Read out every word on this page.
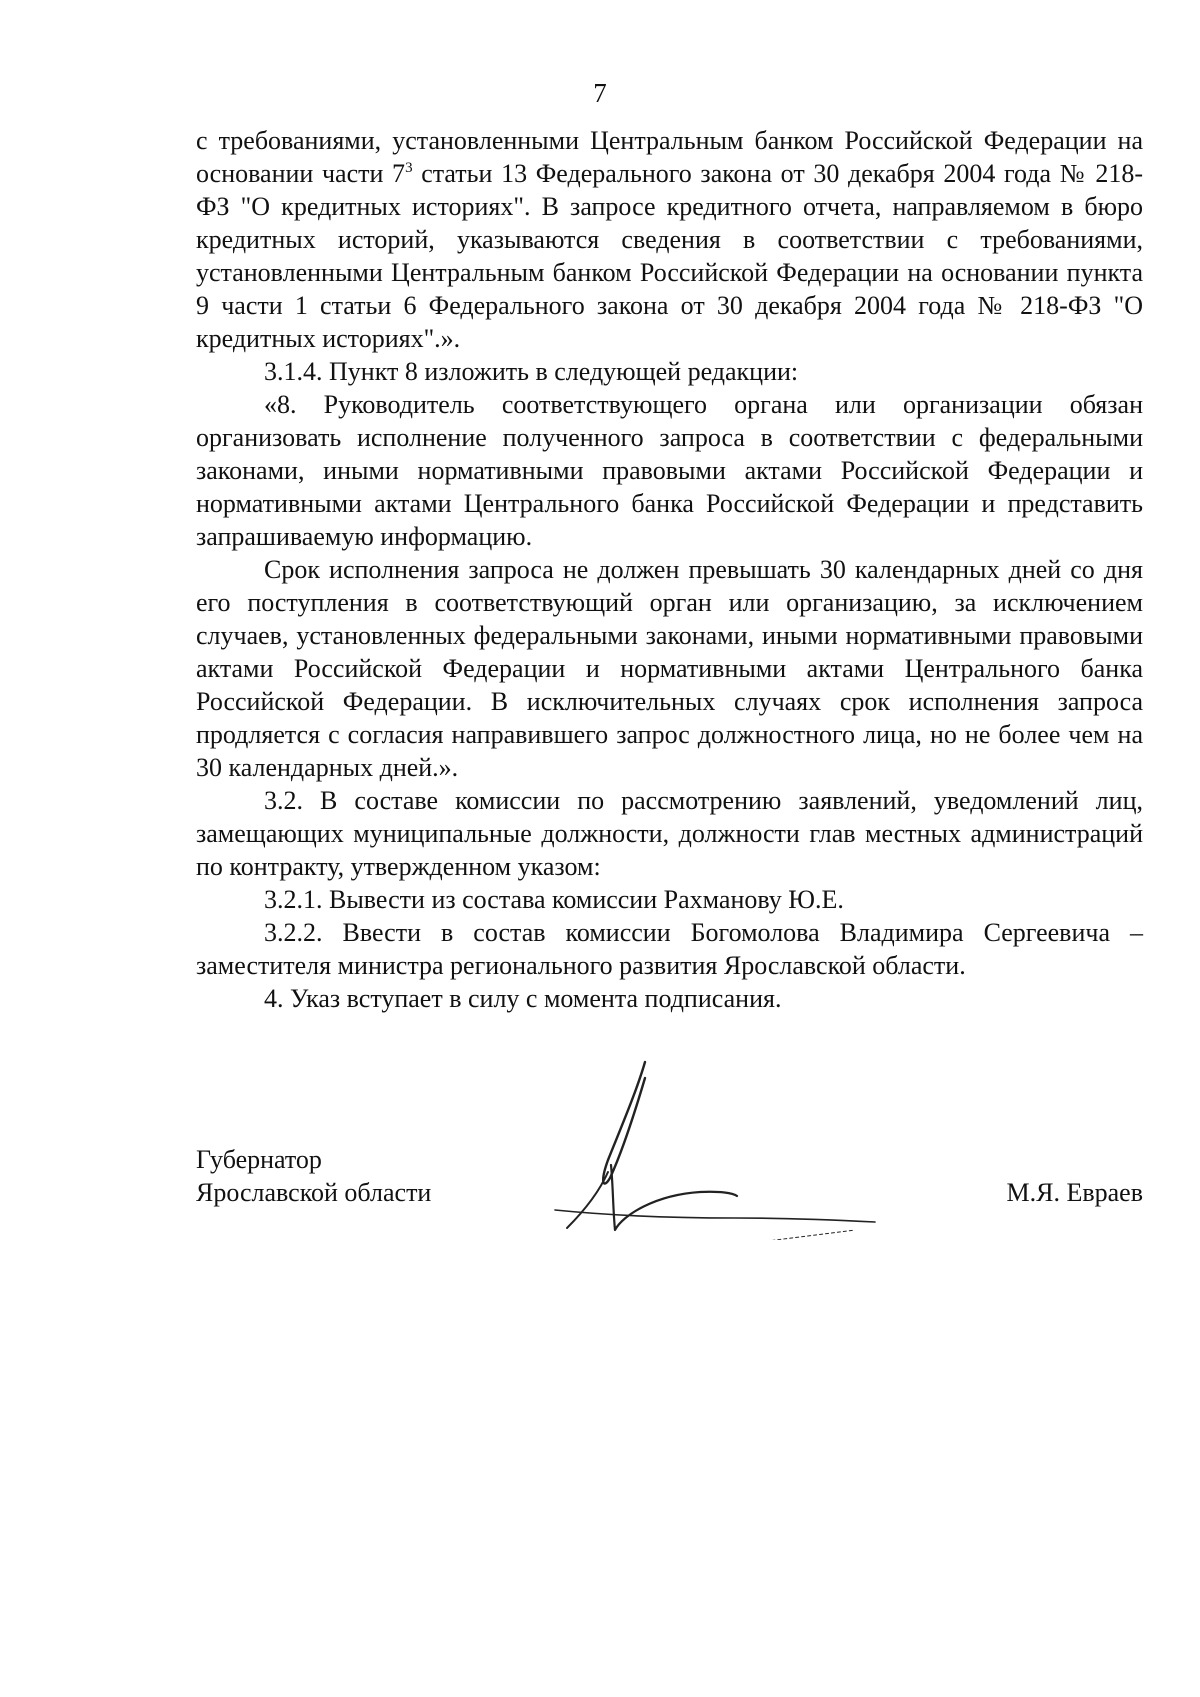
7

с требованиями, установленными Центральным банком Российской Федерации на основании части $7^3$ статьи 13 Федерального закона от 30 декабря 2004 года № 218-ФЗ "О кредитных историях". В запросе кредитного отчета, направляемом в бюро кредитных историй, указываются сведения в соответствии с требованиями, установленными Центральным банком Российской Федерации на основании пункта 9 части 1 статьи 6 Федерального закона от 30 декабря 2004 года № 218-ФЗ "О кредитных историях".».

3.1.4. Пункт 8 изложить в следующей редакции:

«8. Руководитель соответствующего органа или организации обязан организовать исполнение полученного запроса в соответствии с федеральными законами, иными нормативными правовыми актами Российской Федерации и нормативными актами Центрального банка Российской Федерации и представить запрашиваемую информацию.

Срок исполнения запроса не должен превышать 30 календарных дней со дня его поступления в соответствующий орган или организацию, за исключением случаев, установленных федеральными законами, иными нормативными правовыми актами Российской Федерации и нормативными актами Центрального банка Российской Федерации. В исключительных случаях срок исполнения запроса продляется с согласия направившего запрос должностного лица, но не более чем на 30 календарных дней.».

3.2. В составе комиссии по рассмотрению заявлений, уведомлений лиц, замещающих муниципальные должности, должности глав местных администраций по контракту, утвержденном указом:

3.2.1. Вывести из состава комиссии Рахманову Ю.Е.

3.2.2. Ввести в состав комиссии Богомолова Владимира Сергеевича – заместителя министра регионального развития Ярославской области.

4. Указ вступает в силу с момента подписания.

Губернатор
Ярославской области	М.Я. Евраев
